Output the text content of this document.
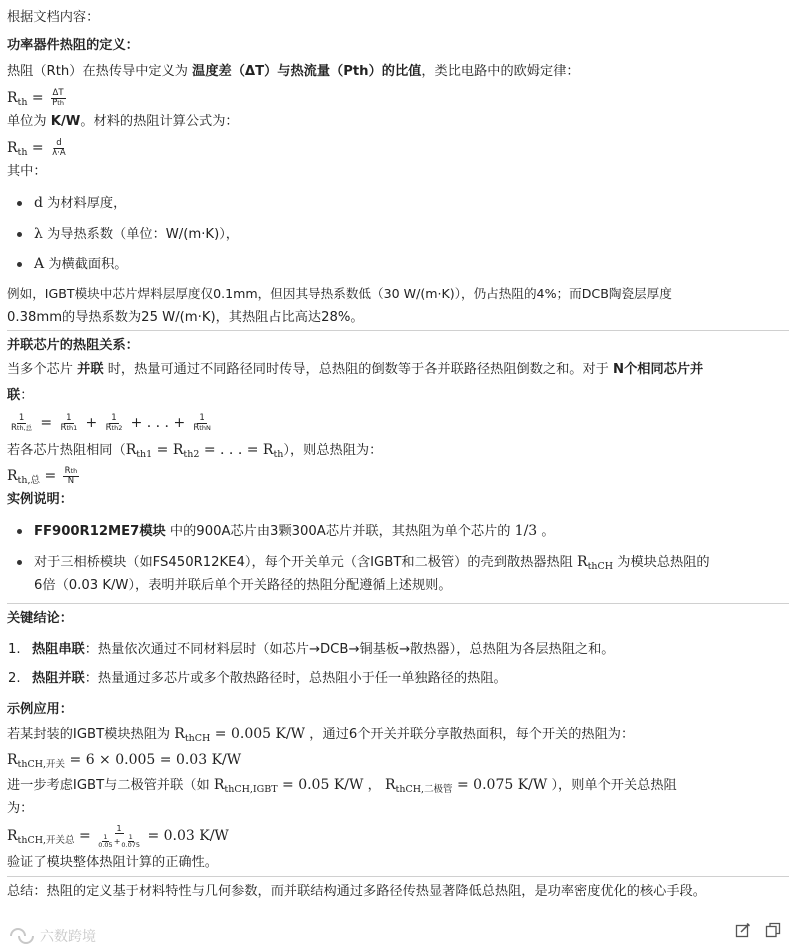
根据文档内容：
功率器件热阻的定义：
热阻（Rth）在热传导中定义为 温度差（ΔT）与热流量（Pth）的比值，类比电路中的欧姆定律：
$R_{th} = \frac{\Delta T}{\text{Pth}}$
单位为 K/W。材料的热阻计算公式为：
$R_{th} = \frac{d}{\lambda\cdot A}$
其中：
d 为材料厚度，
λ 为导热系数（单位：W/(m·K)），
A 为横截面积。
例如，IGBT模块中芯片焊料层厚度仅0.1mm，但因其导热系数低（30 W/(m·K)），仍占热阻的4%；而DCB陶瓷层厚度
0.38mm的导热系数为25 W/(m·K)，其热阻占比高达28%。
并联芯片的热阻关系：
当多个芯片 并联 时，热量可通过不同路径同时传导，总热阻的倒数等于各并联路径热阻倒数之和。对于 N个相同芯片并
联：
$\frac{1}{\text{Rth,总}} = \frac{1}{\text{Rth1}} + \frac{1}{\text{Rth2}}$ + . . . + $\frac{1}{\text{RthN}}$
若各芯片热阻相同（$R_{th1} = R_{th2}$ = . . . = $R_{th}$），则总热阻为：
$R_{th,总} = \frac{\text{Rth}}{N}$
实例说明：
FF900R12ME7模块 中的900A芯片由3颗300A芯片并联，其热阻为单个芯片的 1/3 。
对于三相桥模块（如FS450R12KE4），每个开关单元（含IGBT和二极管）的壳到散热器热阻 $R_{thCH}$ 为模块总热阻的
6倍（0.03 K/W），表明并联后单个开关路径的热阻分配遵循上述规则。
关键结论：
1. 热阻串联：热量依次通过不同材料层时（如芯片→DCB→铜基板→散热器），总热阻为各层热阻之和。
2. 热阻并联：热量通过多芯片或多个散热路径时，总热阻小于任一单独路径的热阻。
示例应用：
若某封装的IGBT模块热阻为 $R_{thCH} = 0.005$ K/W ，通过6个开关并联分享散热面积，每个开关的热阻为：
$R_{thCH,开关} = 6 \times 0.005 = 0.03$ K/W
进一步考虑IGBT与二极管并联（如 $R_{thCH,IGBT} = 0.05$ K/W ， $R_{thCH,二极管} = 0.075$ K/W ），则单个开关总热阻
为：
$R_{thCH,开关总} = \frac{1}{\frac{1}{0.05} + \frac{1}{0.075}} = 0.03$ K/W
验证了模块整体热阻计算的正确性。
总结：热阻的定义基于材料特性与几何参数，而并联结构通过多路径传热显著降低总热阻，是功率密度优化的核心手段。
六数跨境
